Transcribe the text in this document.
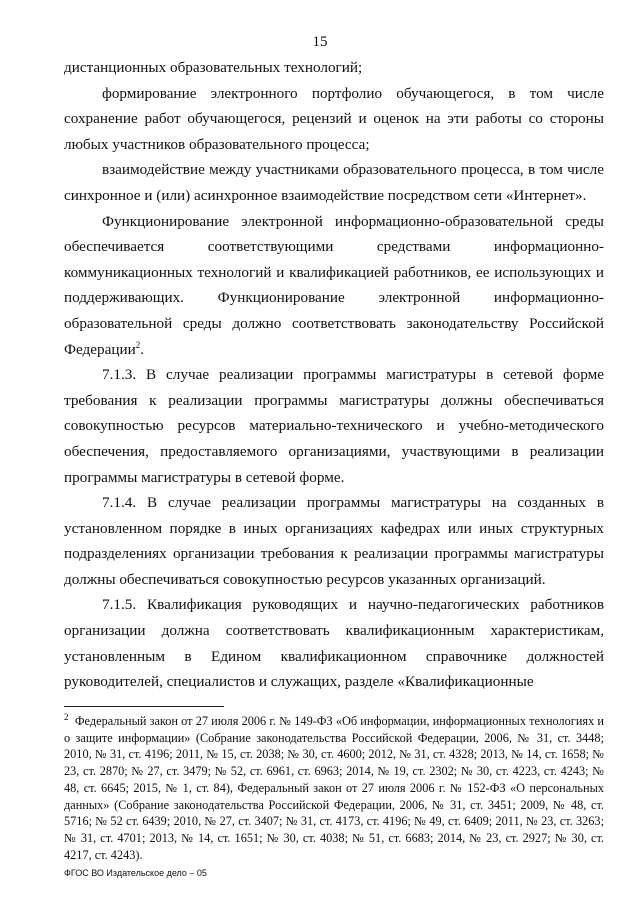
15

дистанционных образовательных технологий;

формирование электронного портфолио обучающегося, в том числе сохранение работ обучающегося, рецензий и оценок на эти работы со стороны любых участников образовательного процесса;

взаимодействие между участниками образовательного процесса, в том числе синхронное и (или) асинхронное взаимодействие посредством сети «Интернет».

Функционирование электронной информационно-образовательной среды обеспечивается соответствующими средствами информационно-коммуникационных технологий и квалификацией работников, ее использующих и поддерживающих. Функционирование электронной информационно-образовательной среды должно соответствовать законодательству Российской Федерации$^2$.

7.1.3. В случае реализации программы магистратуры в сетевой форме требования к реализации программы магистратуры должны обеспечиваться совокупностью ресурсов материально-технического и учебно-методического обеспечения, предоставляемого организациями, участвующими в реализации программы магистратуры в сетевой форме.

7.1.4. В случае реализации программы магистратуры на созданных в установленном порядке в иных организациях кафедрах или иных структурных подразделениях организации требования к реализации программы магистратуры должны обеспечиваться совокупностью ресурсов указанных организаций.

7.1.5. Квалификация руководящих и научно-педагогических работников организации должна соответствовать квалификационным характеристикам, установленным в Едином квалификационном справочнике должностей руководителей, специалистов и служащих, разделе «Квалификационные

$^2$ Федеральный закон от 27 июля 2006 г. № 149-ФЗ «Об информации, информационных технологиях и о защите информации» (Собрание законодательства Российской Федерации, 2006, № 31, ст. 3448; 2010, № 31, ст. 4196; 2011, № 15, ст. 2038; № 30, ст. 4600; 2012, № 31, ст. 4328; 2013, № 14, ст. 1658; № 23, ст. 2870; № 27, ст. 3479; № 52, ст. 6961, ст. 6963; 2014, № 19, ст. 2302; № 30, ст. 4223, ст. 4243; № 48, ст. 6645; 2015, № 1, ст. 84), Федеральный закон от 27 июля 2006 г. № 152-ФЗ «О персональных данных» (Собрание законодательства Российской Федерации, 2006, № 31, ст. 3451; 2009, № 48, ст. 5716; № 52 ст. 6439; 2010, № 27, ст. 3407; № 31, ст. 4173, ст. 4196; № 49, ст. 6409; 2011, № 23, ст. 3263; № 31, ст. 4701; 2013, № 14, ст. 1651; № 30, ст. 4038; № 51, ст. 6683; 2014, № 23, ст. 2927; № 30, ст. 4217, ст. 4243).

ФГОС ВО Издательское дело – 05
